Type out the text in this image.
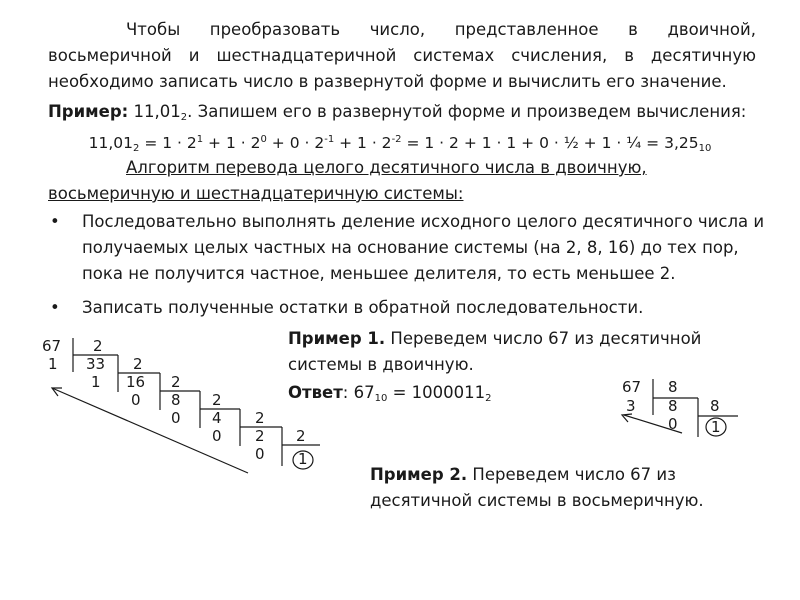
Чтобы преобразовать число, представленное в двоичной, восьмеричной и шестнадцатеричной системах счисления, в десятичную необходимо записать число в развернутой форме и вычислить его значение.
Пример: $11,01_2$. Запишем его в развернутой форме и произведем вычисления:
$11,01_2 = 1 \cdot 2^1 + 1 \cdot 2^0 + 0 \cdot 2^{-1} + 1 \cdot 2^{-2} = 1 \cdot 2 + 1 \cdot 1 + 0$ · ½ + 1 · ¼ = $3,25_{10}$
Алгоритм перевода целого десятичного числа в двоичную, восьмеричную и шестнадцатеричную системы:
• Последовательно выполнять деление исходного целого десятичного числа и получаемых целых частных на основание системы (на 2, 8, 16) до тех пор, пока не получится частное, меньшее делителя, то есть меньшее 2.
• Записать полученные остатки в обратной последовательности.
67 2
1 33 2
1 16 2
0 8 2
0 4 2
0 2 2
0 1
Пример 1. Переведем число 67 из десятичной системы в двоичную.
Ответ: $67_{10} = 1000011_2$
67 8
3 8 8
0 1
Пример 2. Переведем число 67 из десятичной системы в восьмеричную.
